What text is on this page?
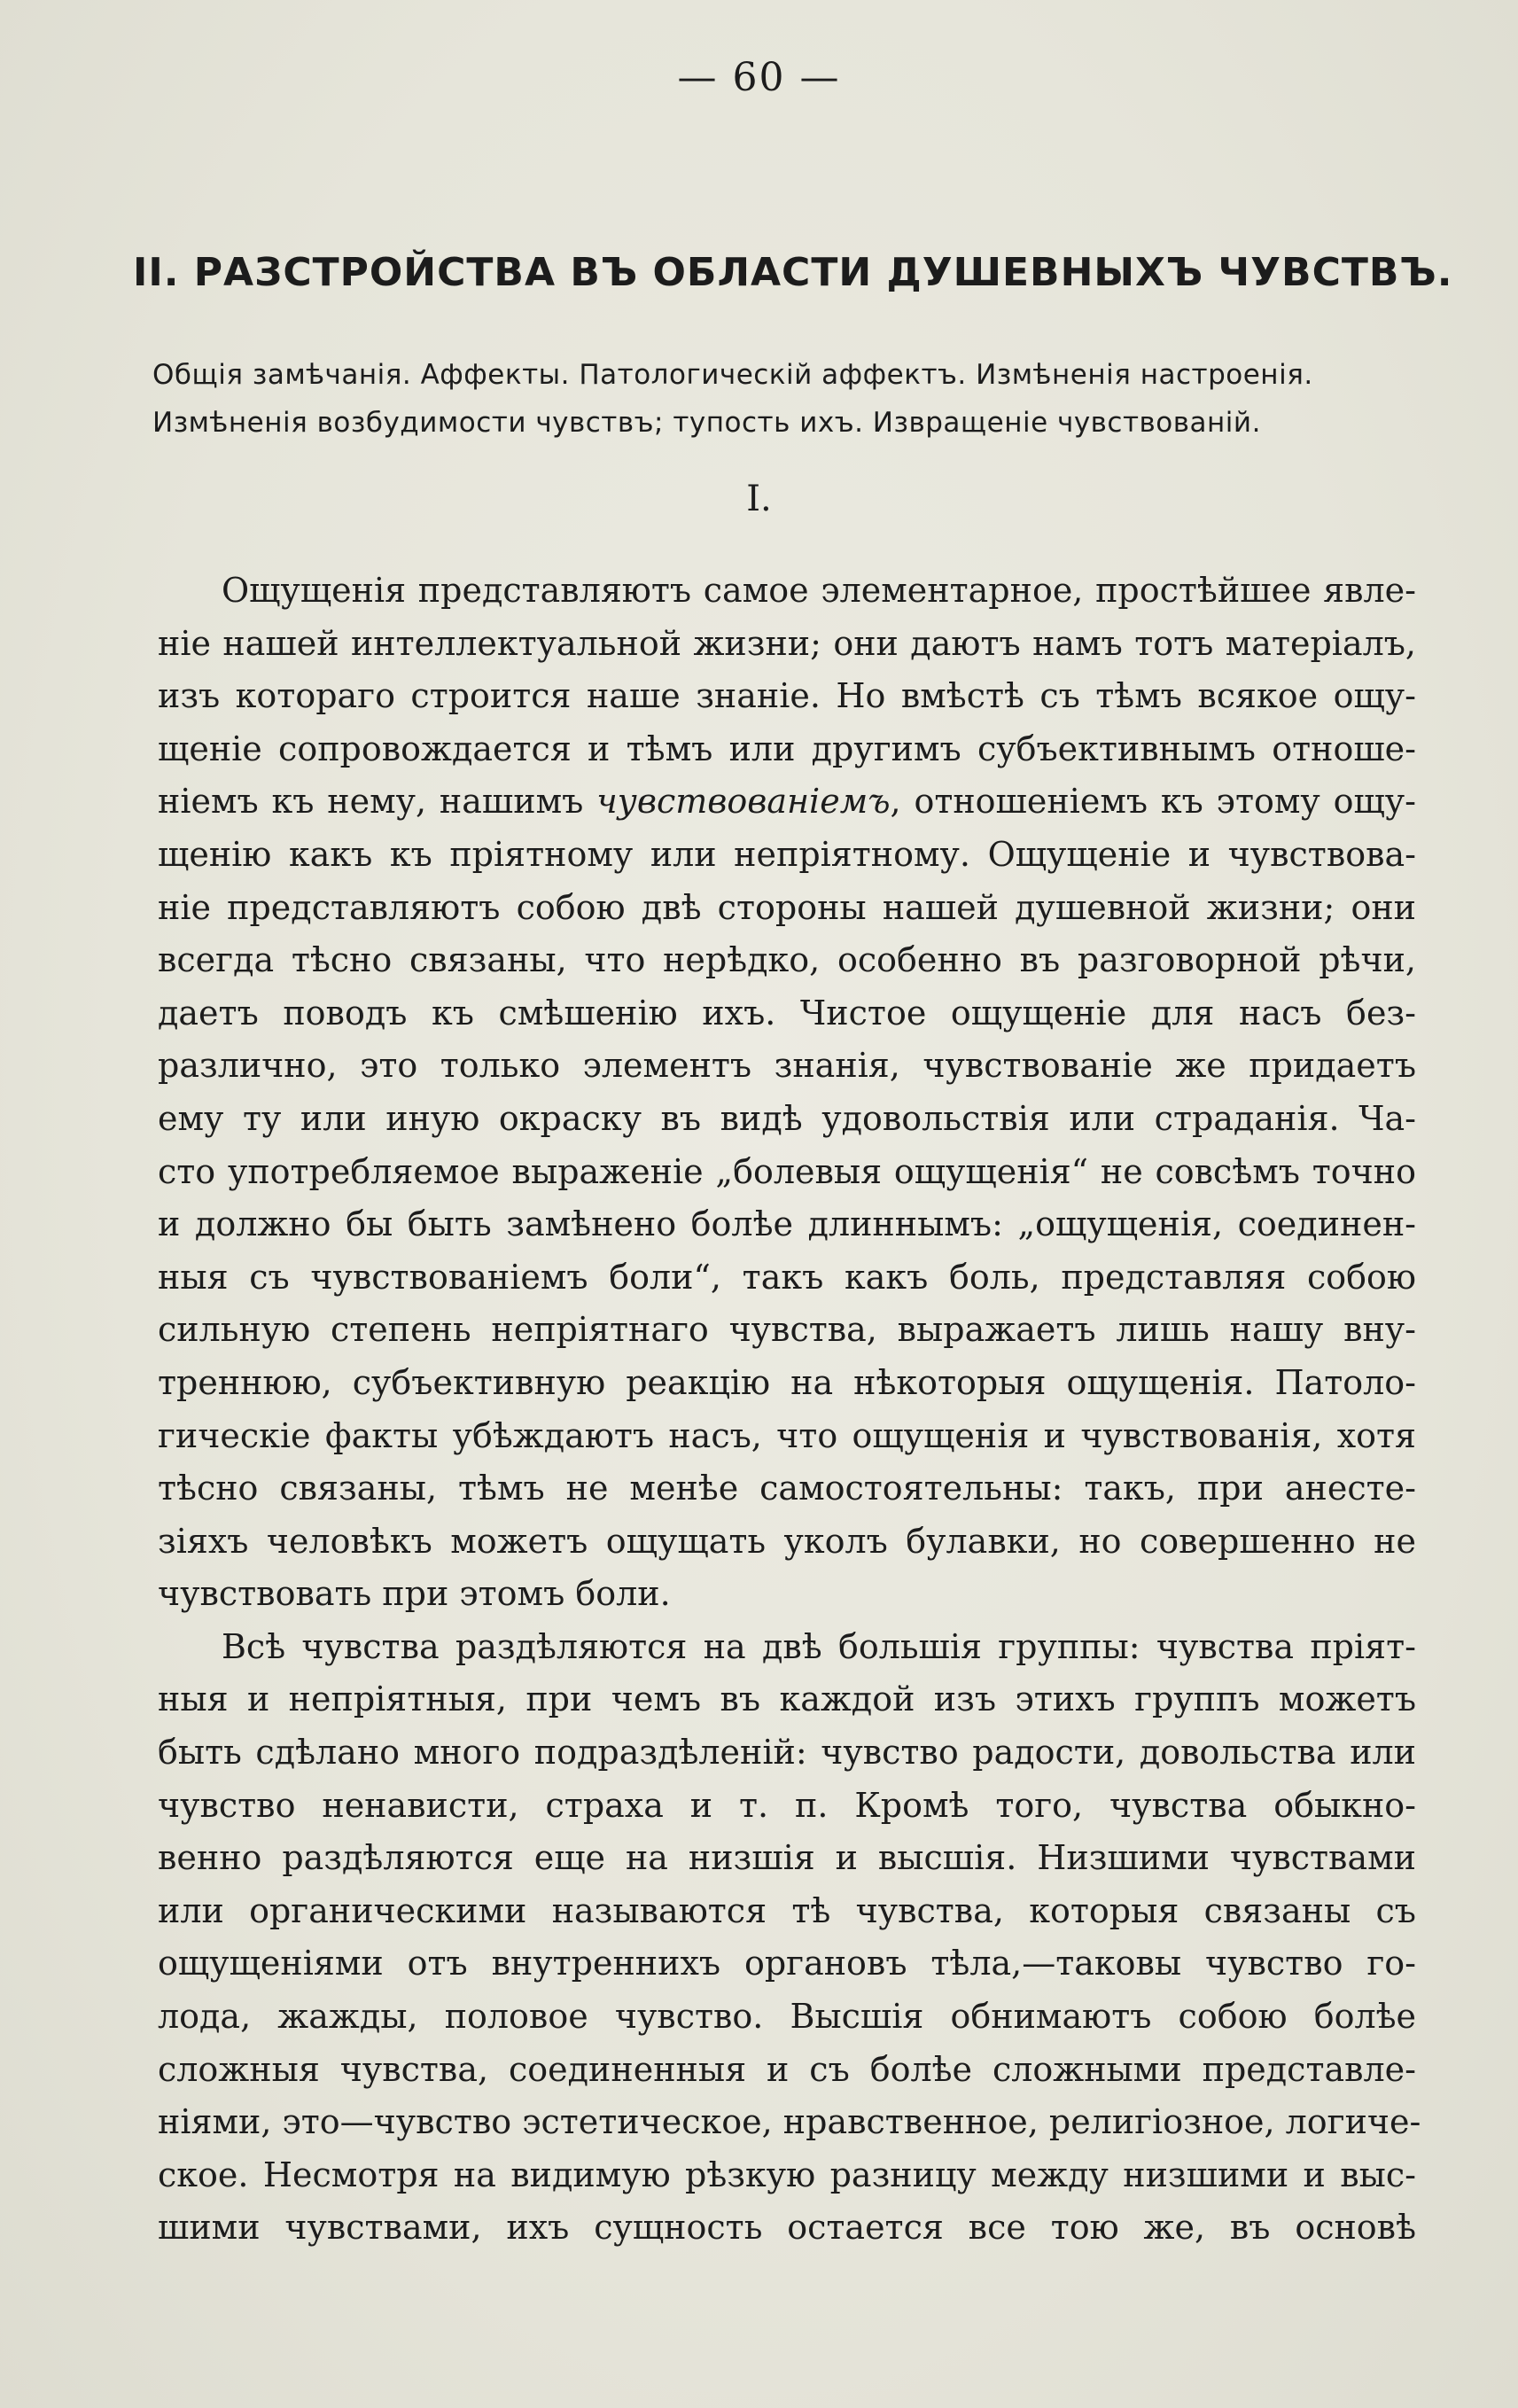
— 60 —
II. РАЗСТРОЙСТВА ВЪ ОБЛАСТИ ДУШЕВНЫХЪ ЧУВСТВЪ.
Общія замѣчанія. Аффекты. Патологическій аффектъ. Измѣненія настроенія.
Измѣненія возбудимости чувствъ; тупость ихъ. Извращеніе чувствованій.
I.
Ощущенія представляютъ самое элементарное, простѣйшее явле-
ніе нашей интеллектуальной жизни; они даютъ намъ тотъ матеріалъ,
изъ котораго строится наше знаніе. Но вмѣстѣ съ тѣмъ всякое ощу-
щеніе сопровождается и тѣмъ или другимъ субъективнымъ отноше-
ніемъ къ нему, нашимъ чувствованіемъ, отношеніемъ къ этому ощу-
щенію какъ къ пріятному или непріятному. Ощущеніе и чувствова-
ніе представляютъ собою двѣ стороны нашей душевной жизни; они
всегда тѣсно связаны, что нерѣдко, особенно въ разговорной рѣчи,
даетъ поводъ къ смѣшенію ихъ. Чистое ощущеніе для насъ без-
различно, это только элементъ знанія, чувствованіе же придаетъ
ему ту или иную окраску въ видѣ удовольствія или страданія. Ча-
сто употребляемое выраженіе „болевыя ощущенія“ не совсѣмъ точно
и должно бы быть замѣнено болѣе длиннымъ: „ощущенія, соединен-
ныя съ чувствованіемъ боли“, такъ какъ боль, представляя собою
сильную степень непріятнаго чувства, выражаетъ лишь нашу вну-
треннюю, субъективную реакцію на нѣкоторыя ощущенія. Патоло-
гическіе факты убѣждаютъ насъ, что ощущенія и чувствованія, хотя
тѣсно связаны, тѣмъ не менѣе самостоятельны: такъ, при анесте-
зіяхъ человѣкъ можетъ ощущать уколъ булавки, но совершенно не
чувствовать при этомъ боли.
Всѣ чувства раздѣляются на двѣ большія группы: чувства пріят-
ныя и непріятныя, при чемъ въ каждой изъ этихъ группъ можетъ
быть сдѣлано много подраздѣленій: чувство радости, довольства или
чувство ненависти, страха и т. п. Кромѣ того, чувства обыкно-
венно раздѣляются еще на низшія и высшія. Низшими чувствами
или органическими называются тѣ чувства, которыя связаны съ
ощущеніями отъ внутреннихъ органовъ тѣла,—таковы чувство го-
лода, жажды, половое чувство. Высшія обнимаютъ собою болѣе
сложныя чувства, соединенныя и съ болѣе сложными представле-
ніями, это—чувство эстетическое, нравственное, религіозное, логиче-
ское. Несмотря на видимую рѣзкую разницу между низшими и выс-
шими чувствами, ихъ сущность остается все тою же, въ основѣ
